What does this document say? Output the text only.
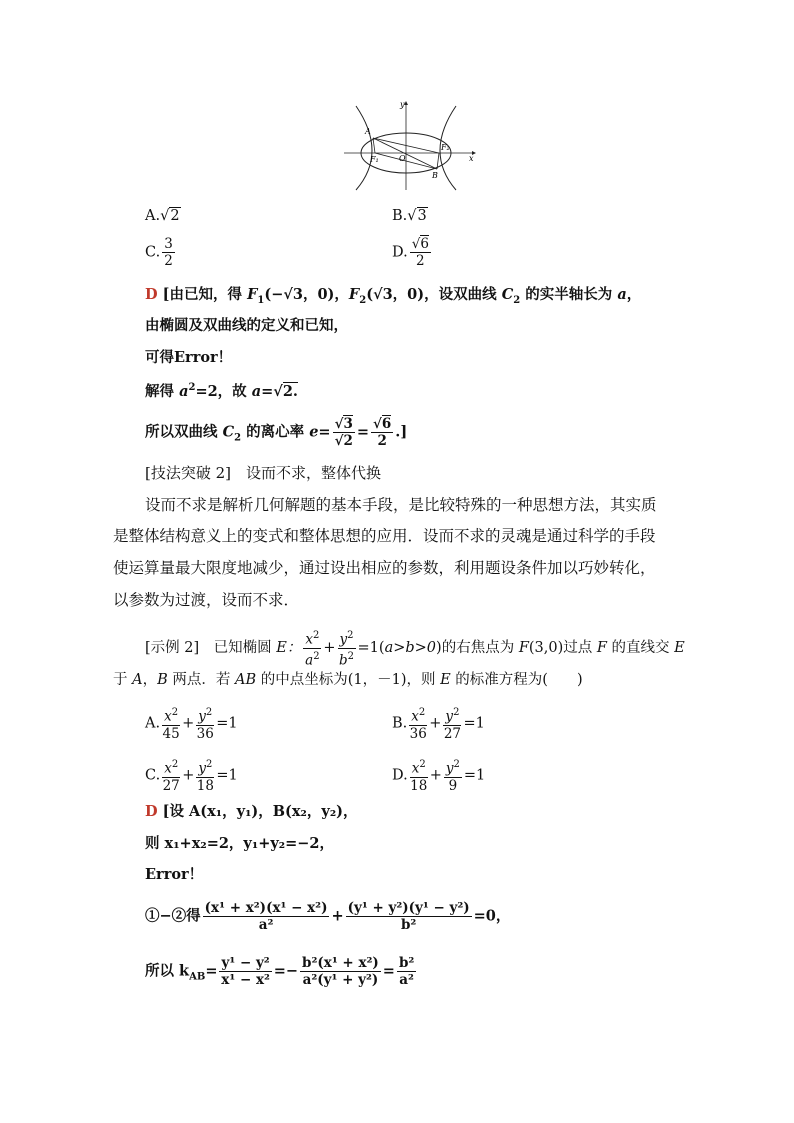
y
x
A
F₁	O
F₂
B
A.√2	B.√3
C. $\frac{3}{2}$	D. $\frac{√6}{2}$
D [由已知，得 $F_1(-√3$，0)，$F_2(√3$，0)，设双曲线 $C_2$ 的实半轴长为 a，
由椭圆及双曲线的定义和已知，
可得Error！
解得 $a^2=2$，故 a=√2.
所以双曲线 $C_2$ 的离心率 $e= \frac{√3}{√2} = \frac{√6}{2}$ .]
[技法突破 2]　设而不求，整体代换
设而不求是解析几何解题的基本手段，是比较特殊的一种思想方法，其实质
是整体结构意义上的变式和整体思想的应用．设而不求的灵魂是通过科学的手段
使运算量最大限度地减少，通过设出相应的参数，利用题设条件加以巧妙转化，
以参数为过渡，设而不求．
[示例 2]　已知椭圆 E： $\frac{x^2}{a^2} + \frac{y^2}{b^2} =1(a>b>0)$的右焦点为 F(3,0)过点 F 的直线交 E
于 A，B 两点．若 AB 的中点坐标为(1，－1)，则 E 的标准方程为(　　)
A. $\frac{x^2}{45} + \frac{y^2}{36} =1$	B. $\frac{x^2}{36} + \frac{y^2}{27} =1$
C. $\frac{x^2}{27} + \frac{y^2}{18} =1$	D. $\frac{x^2}{18} + \frac{y^2}{9} =1$
D [设 A(x₁，y₁)，B(x₂，y₂)，
则 x₁+x₂=2，y₁+y₂=−2，
Error！
①−②得 $\frac{\text{(x¹ + x²)(x¹ − x²)}}{\text{a²}} + \frac{\text{(y¹ + y²)(y¹ − y²)}}{\text{b²}} =0$，
所以 $k_{AB}= \frac{\text{y¹ − y²}}{\text{x¹ − x²}} =- \frac{\text{b²(x¹ + x²)}}{\text{a²(y¹ + y²)}} = \frac{\text{b²}}{\text{a²}}$
